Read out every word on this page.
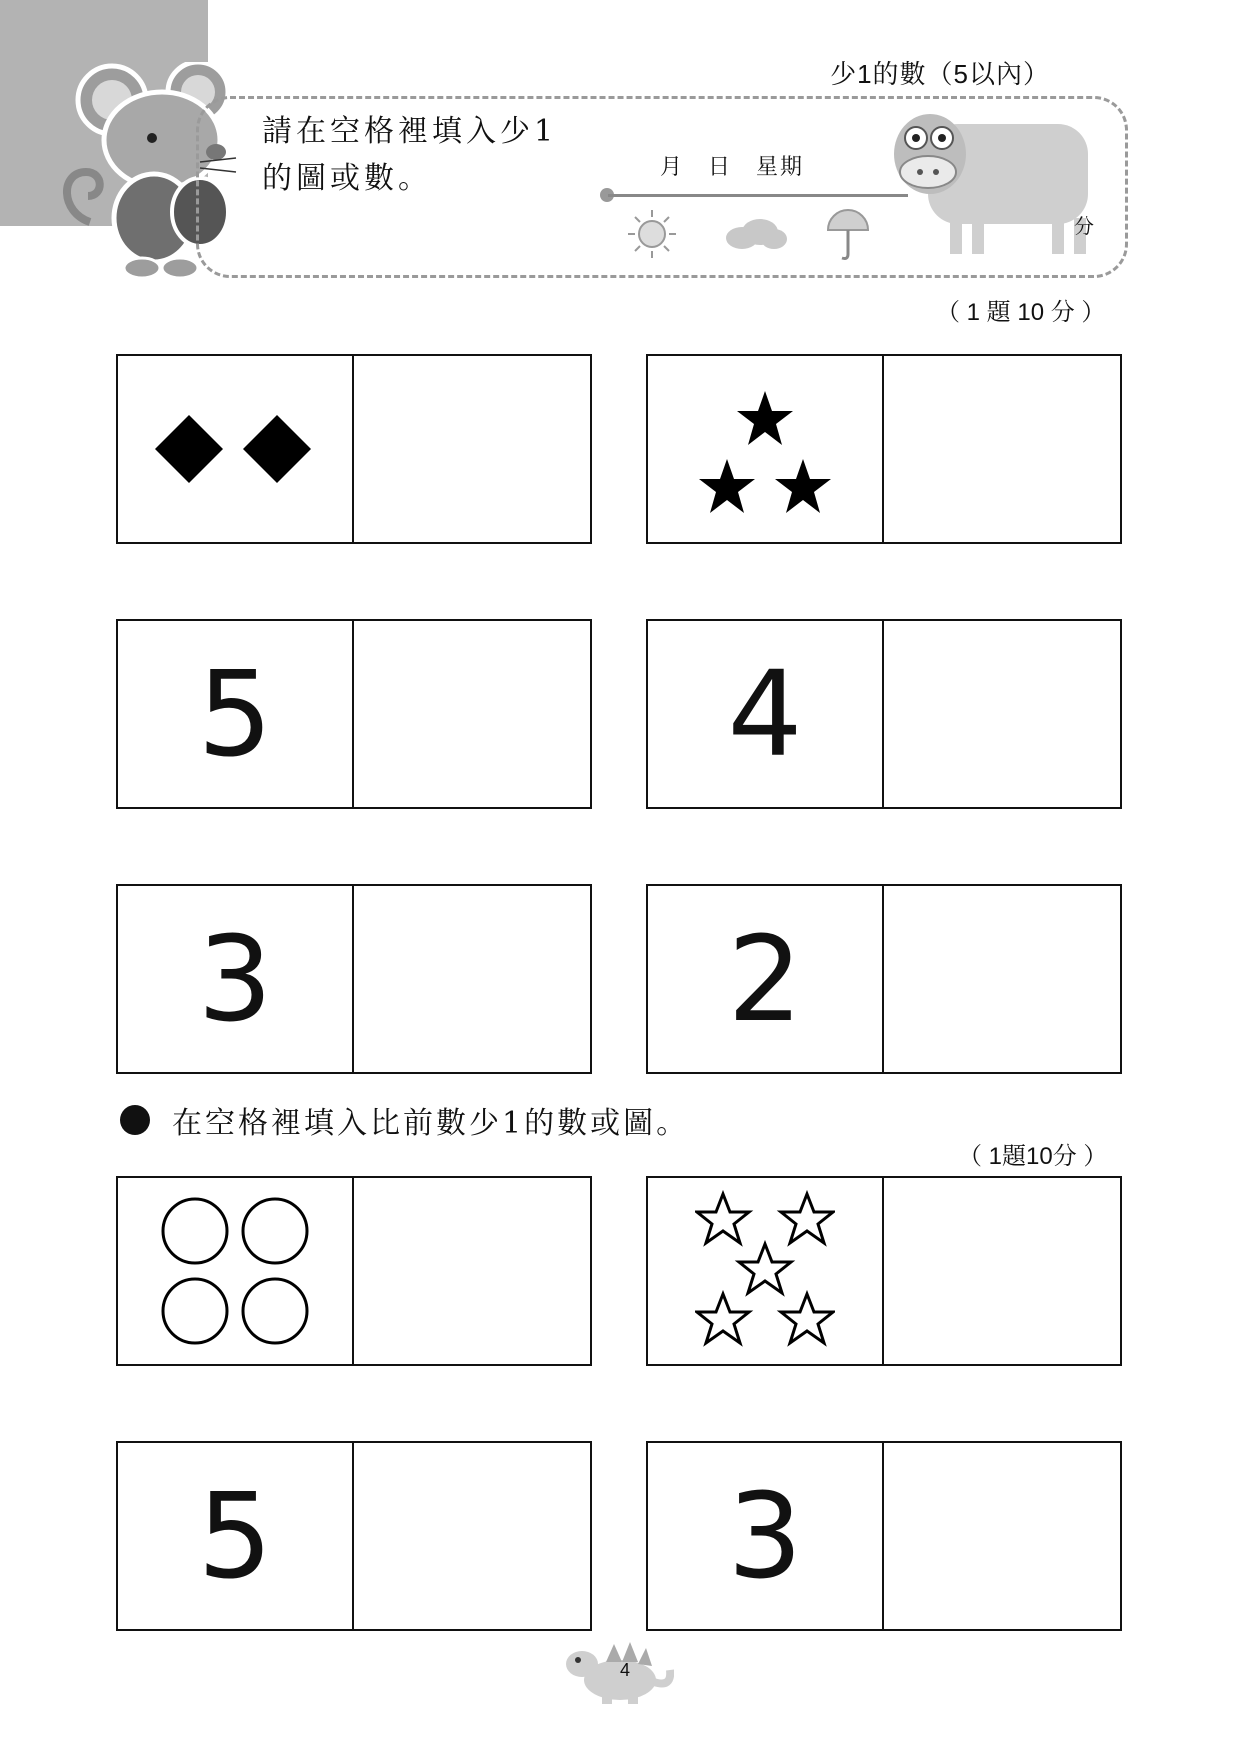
少1的數（5以內）
請在空格裡填入少1的圖或數。	月　日　星期
分
（ 1 題 10 分 ）
5	4
3	2
在空格裡填入比前數少1的數或圖。
（ 1題10分 ）
5	3
4
